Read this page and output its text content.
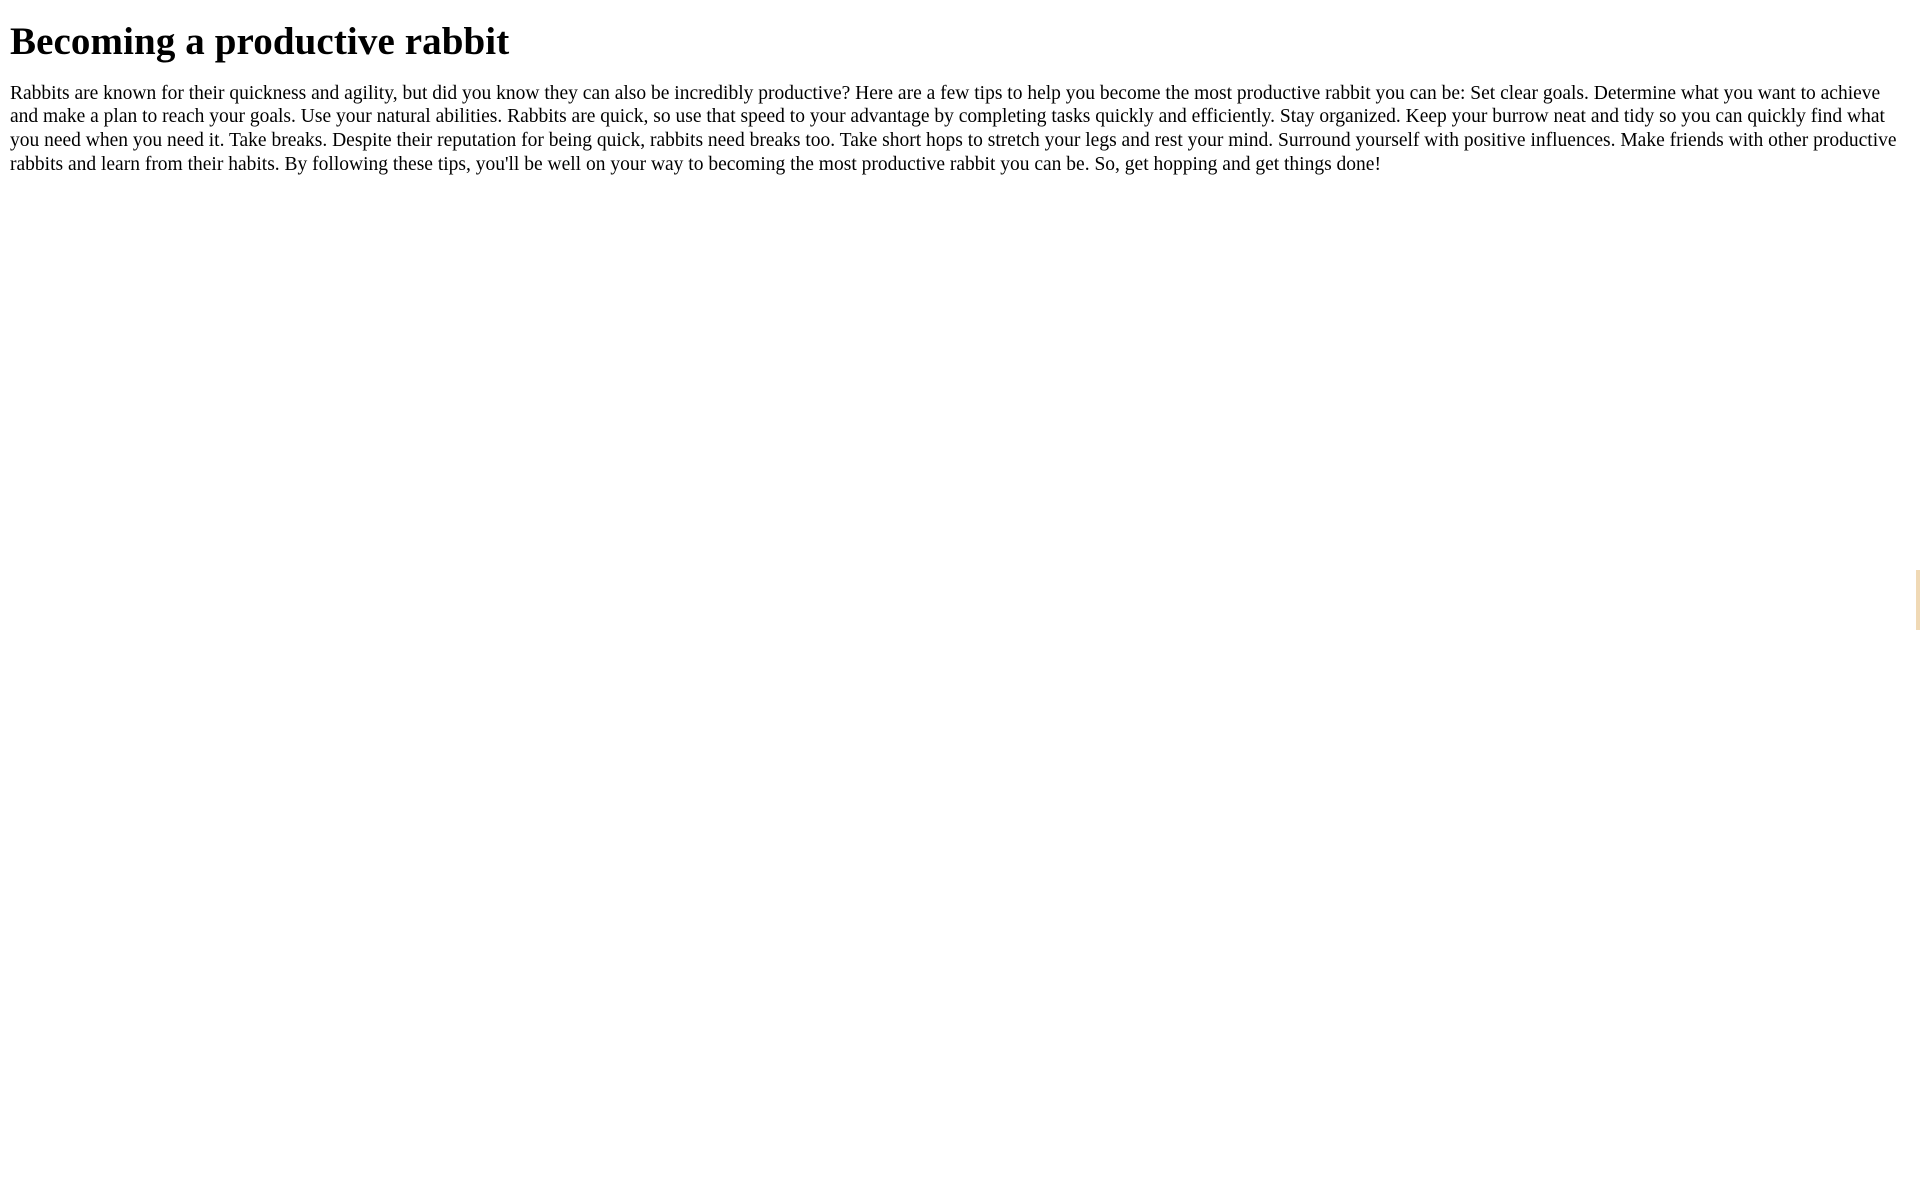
Becoming a productive rabbit

Rabbits are known for their quickness and agility, but did you know they can also be incredibly productive? Here are a few tips to help you become the most productive rabbit you can be: Set clear goals. Determine what you want to achieve and make a plan to reach your goals. Use your natural abilities. Rabbits are quick, so use that speed to your advantage by completing tasks quickly and efficiently. Stay organized. Keep your burrow neat and tidy so you can quickly find what you need when you need it. Take breaks. Despite their reputation for being quick, rabbits need breaks too. Take short hops to stretch your legs and rest your mind. Surround yourself with positive influences. Make friends with other productive rabbits and learn from their habits. By following these tips, you'll be well on your way to becoming the most productive rabbit you can be. So, get hopping and get things done!
